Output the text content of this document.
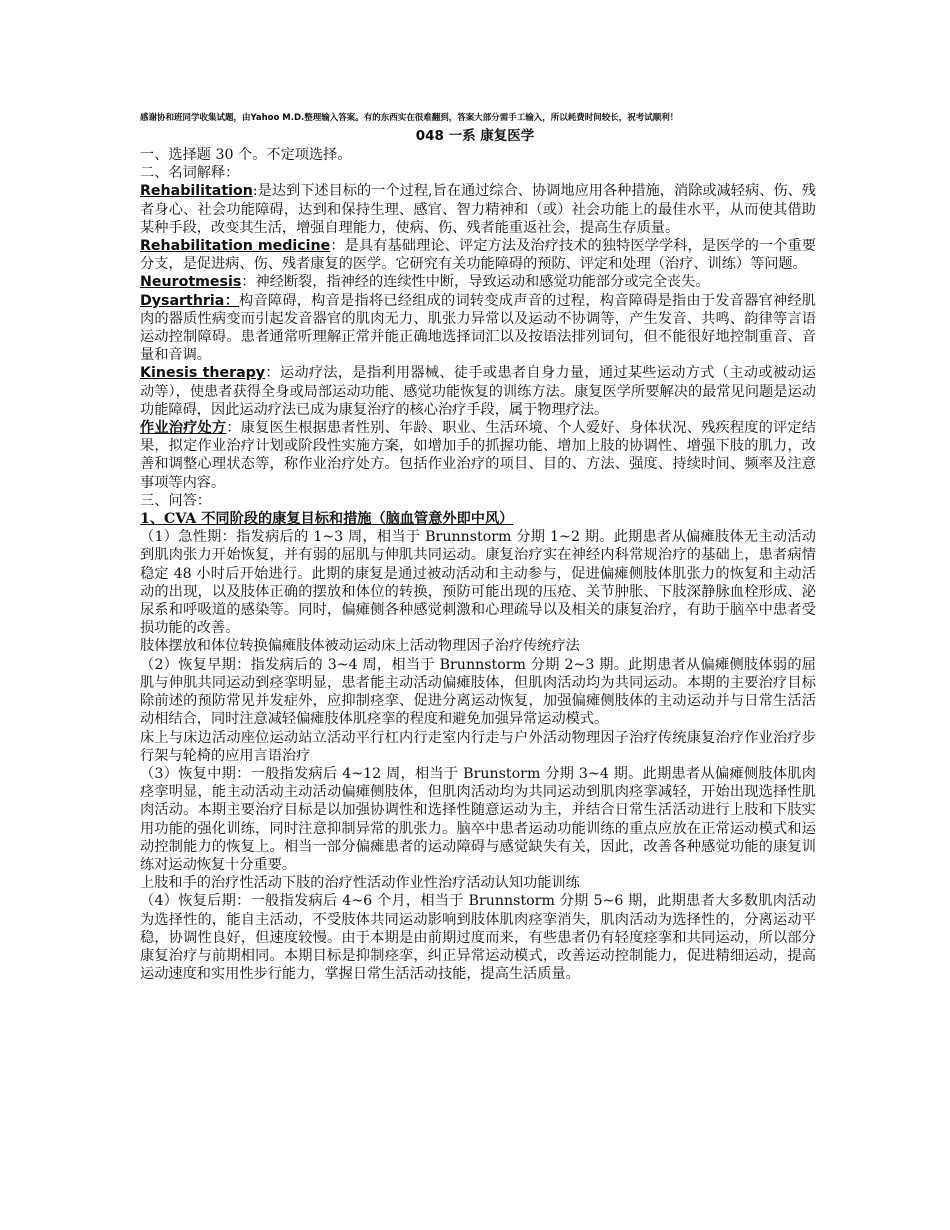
感谢协和班同学收集试题，由Yahoo M.D.整理输入答案。有的东西实在很难翻到，答案大部分需手工输入，所以耗费时间较长，祝考试顺利！
048 一系 康复医学

一、选择题 30 个。不定项选择。

二、名词解释：

Rehabilitation:是达到下述目标的一个过程,旨在通过综合、协调地应用各种措施，消除或减轻病、伤、残者身心、社会功能障碍，达到和保持生理、感官、智力精神和（或）社会功能上的最佳水平，从而使其借助某种手段，改变其生活，增强自理能力，使病、伤、残者能重返社会，提高生存质量。

Rehabilitation medicine：是具有基础理论、评定方法及治疗技术的独特医学学科，是医学的一个重要分支，是促进病、伤、残者康复的医学。它研究有关功能障碍的预防、评定和处理（治疗、训练）等问题。

Neurotmesis：神经断裂，指神经的连续性中断，导致运动和感觉功能部分或完全丧失。

Dysarthria：构音障碍，构音是指将已经组成的词转变成声音的过程，构音障碍是指由于发音器官神经肌肉的器质性病变而引起发音器官的肌肉无力、肌张力异常以及运动不协调等，产生发音、共鸣、韵律等言语运动控制障碍。患者通常听理解正常并能正确地选择词汇以及按语法排列词句，但不能很好地控制重音、音量和音调。

Kinesis therapy：运动疗法，是指利用器械、徒手或患者自身力量，通过某些运动方式（主动或被动运动等），使患者获得全身或局部运动功能、感觉功能恢复的训练方法。康复医学所要解决的最常见问题是运动功能障碍，因此运动疗法已成为康复治疗的核心治疗手段，属于物理疗法。

作业治疗处方：康复医生根据患者性别、年龄、职业、生活环境、个人爱好、身体状况、残疾程度的评定结果，拟定作业治疗计划或阶段性实施方案，如增加手的抓握功能、增加上肢的协调性、增强下肢的肌力，改善和调整心理状态等，称作业治疗处方。包括作业治疗的项目、目的、方法、强度、持续时间、频率及注意事项等内容。

三、问答：

1、CVA 不同阶段的康复目标和措施（脑血管意外即中风）

（1）急性期：指发病后的 1~3 周，相当于 Brunnstorm 分期 1~2 期。此期患者从偏瘫肢体无主动活动到肌肉张力开始恢复，并有弱的屈肌与伸肌共同运动。康复治疗实在神经内科常规治疗的基础上，患者病情稳定 48 小时后开始进行。此期的康复是通过被动活动和主动参与，促进偏瘫侧肢体肌张力的恢复和主动活动的出现，以及肢体正确的摆放和体位的转换，预防可能出现的压疮、关节肿胀、下肢深静脉血栓形成、泌尿系和呼吸道的感染等。同时，偏瘫侧各种感觉刺激和心理疏导以及相关的康复治疗，有助于脑卒中患者受损功能的改善。

肢体摆放和体位转换偏瘫肢体被动运动床上活动物理因子治疗传统疗法

（2）恢复早期：指发病后的 3~4 周，相当于 Brunnstorm 分期 2~3 期。此期患者从偏瘫侧肢体弱的屈肌与伸肌共同运动到痉挛明显，患者能主动活动偏瘫肢体，但肌肉活动均为共同运动。本期的主要治疗目标除前述的预防常见并发症外，应抑制痉挛、促进分离运动恢复，加强偏瘫侧肢体的主动运动并与日常生活活动相结合，同时注意减轻偏瘫肢体肌痉挛的程度和避免加强异常运动模式。

床上与床边活动座位运动站立活动平行杠内行走室内行走与户外活动物理因子治疗传统康复治疗作业治疗步行架与轮椅的应用言语治疗

（3）恢复中期：一般指发病后 4~12 周，相当于 Brunstorm 分期 3~4 期。此期患者从偏瘫侧肢体肌肉痉挛明显，能主动活动主动活动偏瘫侧肢体，但肌肉活动均为共同运动到肌肉痉挛减轻，开始出现选择性肌肉活动。本期主要治疗目标是以加强协调性和选择性随意运动为主，并结合日常生活活动进行上肢和下肢实用功能的强化训练，同时注意抑制异常的肌张力。脑卒中患者运动功能训练的重点应放在正常运动模式和运动控制能力的恢复上。相当一部分偏瘫患者的运动障碍与感觉缺失有关，因此，改善各种感觉功能的康复训练对运动恢复十分重要。

上肢和手的治疗性活动下肢的治疗性活动作业性治疗活动认知功能训练

（4）恢复后期：一般指发病后 4~6 个月，相当于 Brunnstorm 分期 5~6 期，此期患者大多数肌肉活动为选择性的，能自主活动，不受肢体共同运动影响到肢体肌肉痉挛消失，肌肉活动为选择性的，分离运动平稳，协调性良好，但速度较慢。由于本期是由前期过度而来，有些患者仍有轻度痉挛和共同运动，所以部分康复治疗与前期相同。本期目标是抑制痉挛，纠正异常运动模式，改善运动控制能力，促进精细运动，提高运动速度和实用性步行能力，掌握日常生活活动技能，提高生活质量。
